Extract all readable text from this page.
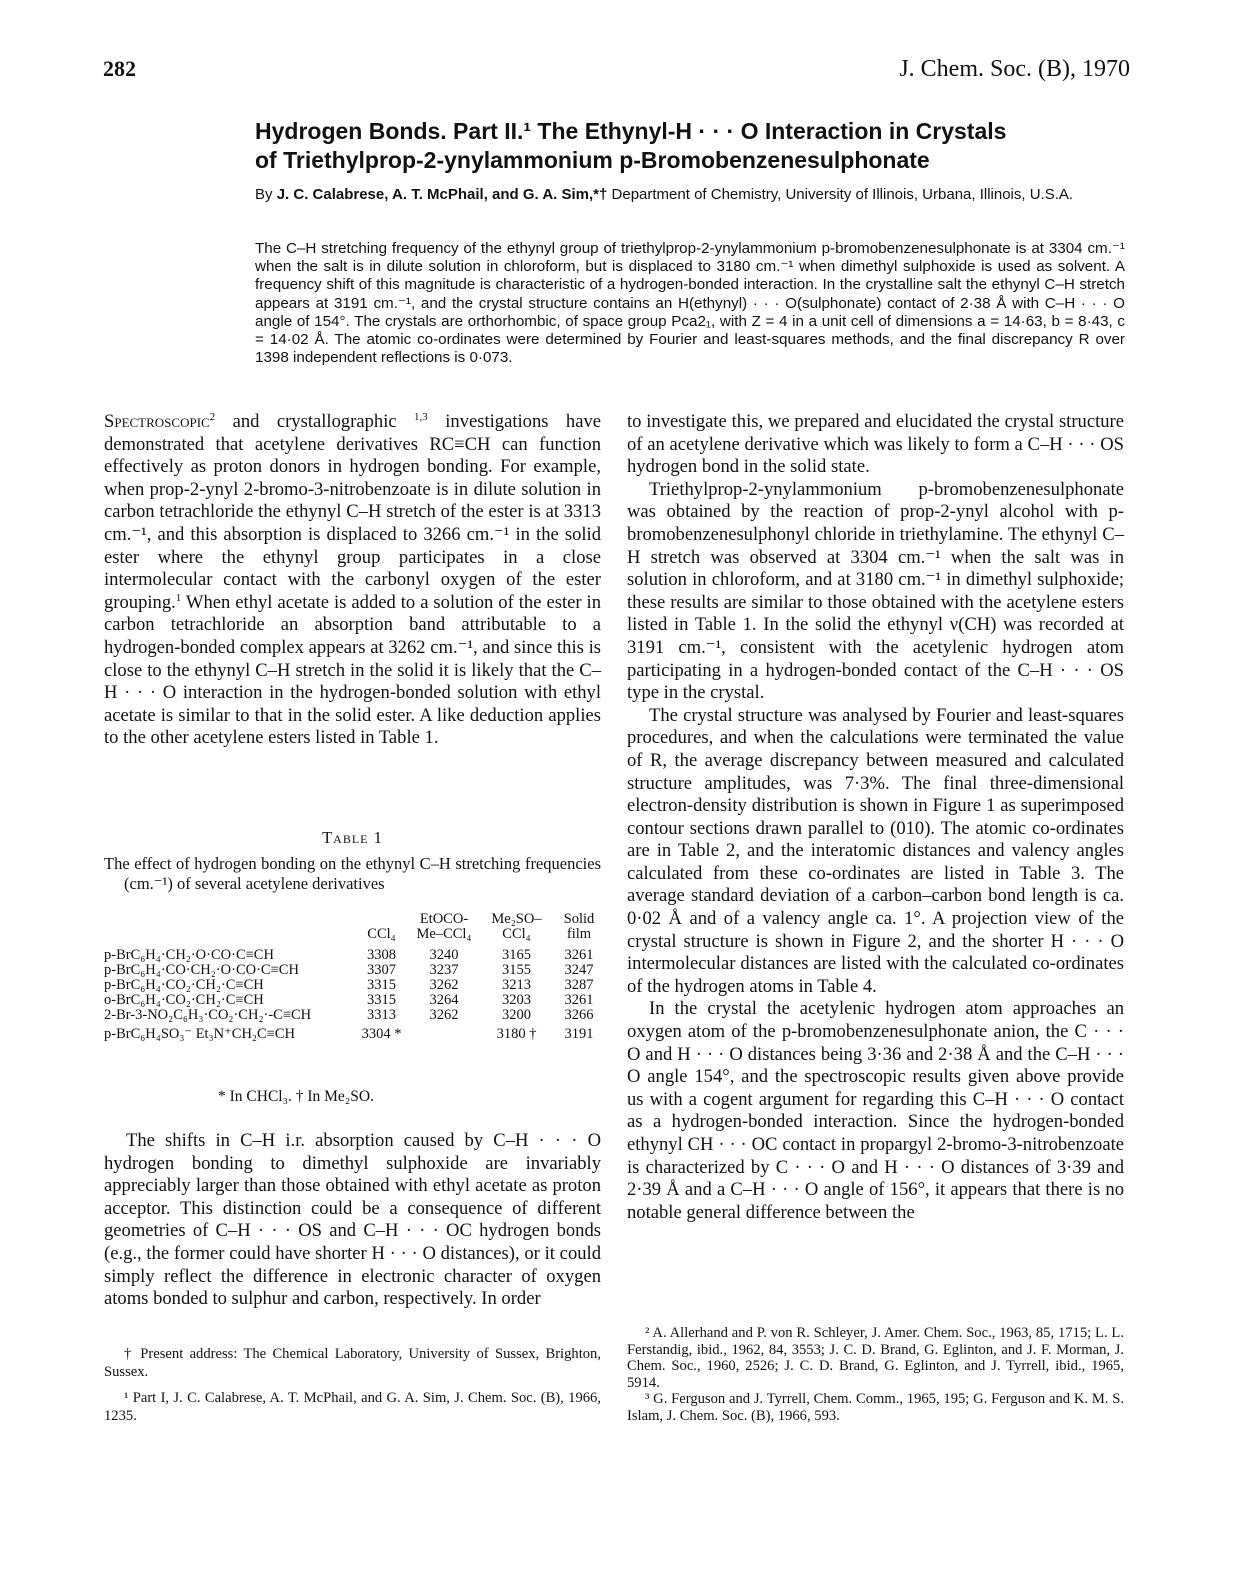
282	J. Chem. Soc. (B), 1970
Hydrogen Bonds. Part II.¹ The Ethynyl-H · · · O Interaction in Crystals
of Triethylprop-2-ynylammonium p-Bromobenzenesulphonate
By J. C. Calabrese, A. T. McPhail, and G. A. Sim,*† Department of Chemistry, University of Illinois, Urbana, Illinois, U.S.A.
The C–H stretching frequency of the ethynyl group of triethylprop-2-ynylammonium p-bromobenzenesulphonate is at 3304 cm.⁻¹ when the salt is in dilute solution in chloroform, but is displaced to 3180 cm.⁻¹ when dimethyl sulphoxide is used as solvent. A frequency shift of this magnitude is characteristic of a hydrogen-bonded interaction. In the crystalline salt the ethynyl C–H stretch appears at 3191 cm.⁻¹, and the crystal structure contains an H(ethynyl) · · · O(sulphonate) contact of 2·38 Å with C–H · · · O angle of 154°. The crystals are orthorhombic, of space group Pca2₁, with Z = 4 in a unit cell of dimensions a = 14·63, b = 8·43, c = 14·02 Å. The atomic co-ordinates were determined by Fourier and least-squares methods, and the final discrepancy R over 1398 independent reflections is 0·073.

Spectroscopic$^2$ and crystallographic $^{1,3}$ investigations have demonstrated that acetylene derivatives RC≡CH can function effectively as proton donors in hydrogen bonding. For example, when prop-2-ynyl 2-bromo-3-nitrobenzoate is in dilute solution in carbon tetrachloride the ethynyl C–H stretch of the ester is at 3313 cm.⁻¹, and this absorption is displaced to 3266 cm.⁻¹ in the solid ester where the ethynyl group participates in a close intermolecular contact with the carbonyl oxygen of the ester grouping.$^1$ When ethyl acetate is added to a solution of the ester in carbon tetrachloride an absorption band attributable to a hydrogen-bonded complex appears at 3262 cm.⁻¹, and since this is close to the ethynyl C–H stretch in the solid it is likely that the C–H · · · O interaction in the hydrogen-bonded solution with ethyl acetate is similar to that in the solid ester. A like deduction applies to the other acetylene esters listed in Table 1.

Table 1
The effect of hydrogen bonding on the ethynyl C–H stretching frequencies (cm.⁻¹) of several acetylene derivatives
	CCl₄	EtOCO-Me–CCl₄	Me₂SO–CCl₄	Solid film

p-BrC₆H₄·CH₂·O·CO·C≡CH	3308	3240	3165	3261
p-BrC₆H₄·CO·CH₂·O·CO·C≡CH	3307	3237	3155	3247
p-BrC₆H₄·CO₂·CH₂·C≡CH	3315	3262	3213	3287
o-BrC₆H₄·CO₂·CH₂·C≡CH	3315	3264	3203	3261
2-Br-3-NO₂C₆H₃·CO₂·CH₂·-C≡CH	3313	3262	3200	3266

p-BrC₆H₄SO₃⁻ Et₃N⁺CH₂C≡CH	3304 *		3180 †	3191
* In CHCl₃. † In Me₂SO.

The shifts in C–H i.r. absorption caused by C–H · · · O hydrogen bonding to dimethyl sulphoxide are invariably appreciably larger than those obtained with ethyl acetate as proton acceptor. This distinction could be a consequence of different geometries of C–H · · · OS and C–H · · · OC hydrogen bonds (e.g., the former could have shorter H · · · O distances), or it could simply reflect the difference in electronic character of oxygen atoms bonded to sulphur and carbon, respectively. In order

† Present address: The Chemical Laboratory, University of Sussex, Brighton, Sussex.

¹ Part I, J. C. Calabrese, A. T. McPhail, and G. A. Sim, J. Chem. Soc. (B), 1966, 1235.

to investigate this, we prepared and elucidated the crystal structure of an acetylene derivative which was likely to form a C–H · · · OS hydrogen bond in the solid state.

Triethylprop-2-ynylammonium p-bromobenzenesulphonate was obtained by the reaction of prop-2-ynyl alcohol with p-bromobenzenesulphonyl chloride in triethylamine. The ethynyl C–H stretch was observed at 3304 cm.⁻¹ when the salt was in solution in chloroform, and at 3180 cm.⁻¹ in dimethyl sulphoxide; these results are similar to those obtained with the acetylene esters listed in Table 1. In the solid the ethynyl ν(CH) was recorded at 3191 cm.⁻¹, consistent with the acetylenic hydrogen atom participating in a hydrogen-bonded contact of the C–H · · · OS type in the crystal.

The crystal structure was analysed by Fourier and least-squares procedures, and when the calculations were terminated the value of R, the average discrepancy between measured and calculated structure amplitudes, was 7·3%. The final three-dimensional electron-density distribution is shown in Figure 1 as superimposed contour sections drawn parallel to (010). The atomic co-ordinates are in Table 2, and the interatomic distances and valency angles calculated from these co-ordinates are listed in Table 3. The average standard deviation of a carbon–carbon bond length is ca. 0·02 Å and of a valency angle ca. 1°. A projection view of the crystal structure is shown in Figure 2, and the shorter H · · · O intermolecular distances are listed with the calculated co-ordinates of the hydrogen atoms in Table 4.

In the crystal the acetylenic hydrogen atom approaches an oxygen atom of the p-bromobenzenesulphonate anion, the C · · · O and H · · · O distances being 3·36 and 2·38 Å and the C–H · · · O angle 154°, and the spectroscopic results given above provide us with a cogent argument for regarding this C–H · · · O contact as a hydrogen-bonded interaction. Since the hydrogen-bonded ethynyl CH · · · OC contact in propargyl 2-bromo-3-nitrobenzoate is characterized by C · · · O and H · · · O distances of 3·39 and 2·39 Å and a C–H · · · O angle of 156°, it appears that there is no notable general difference between the

² A. Allerhand and P. von R. Schleyer, J. Amer. Chem. Soc., 1963, 85, 1715; L. L. Ferstandig, ibid., 1962, 84, 3553; J. C. D. Brand, G. Eglinton, and J. F. Morman, J. Chem. Soc., 1960, 2526; J. C. D. Brand, G. Eglinton, and J. Tyrrell, ibid., 1965, 5914.

³ G. Ferguson and J. Tyrrell, Chem. Comm., 1965, 195; G. Ferguson and K. M. S. Islam, J. Chem. Soc. (B), 1966, 593.
